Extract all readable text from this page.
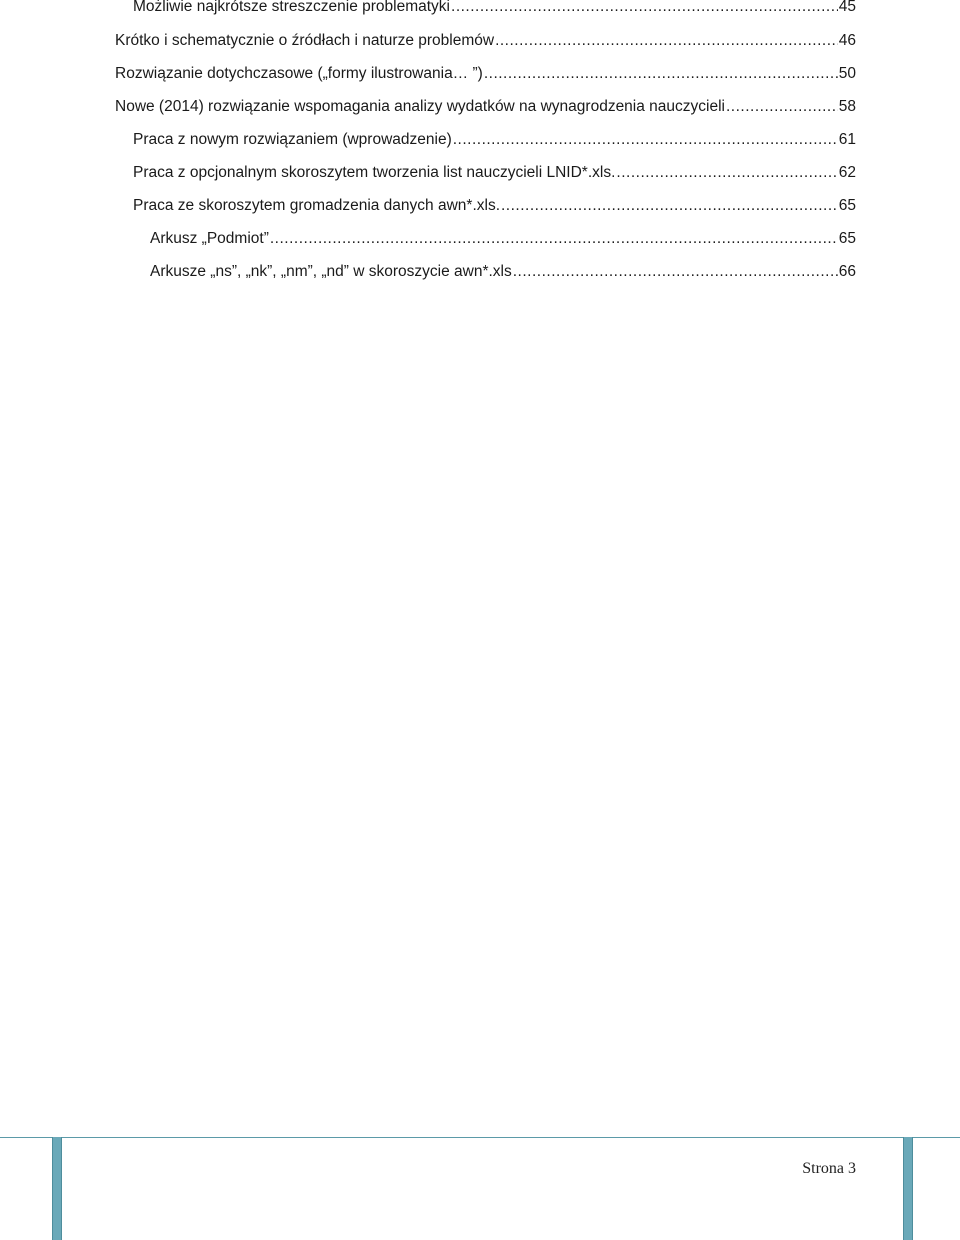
Możliwie najkrótsze streszczenie problematyki .....	45
Krótko i schematycznie o źródłach i naturze problemów .....	46
Rozwiązanie dotychczasowe („formy ilustrowania… ”) .....	50
Nowe (2014) rozwiązanie wspomagania analizy wydatków na wynagrodzenia nauczycieli .....	58
Praca z nowym rozwiązaniem (wprowadzenie) .....	61
Praca z opcjonalnym skoroszytem tworzenia list nauczycieli LNID*.xls. .....	62
Praca ze skoroszytem gromadzenia danych awn*.xls. .....	65
Arkusz „Podmiot” .....	65
Arkusze „ns”, „nk”, „nm”, „nd” w skoroszycie awn*.xls .....	66
Strona 3
